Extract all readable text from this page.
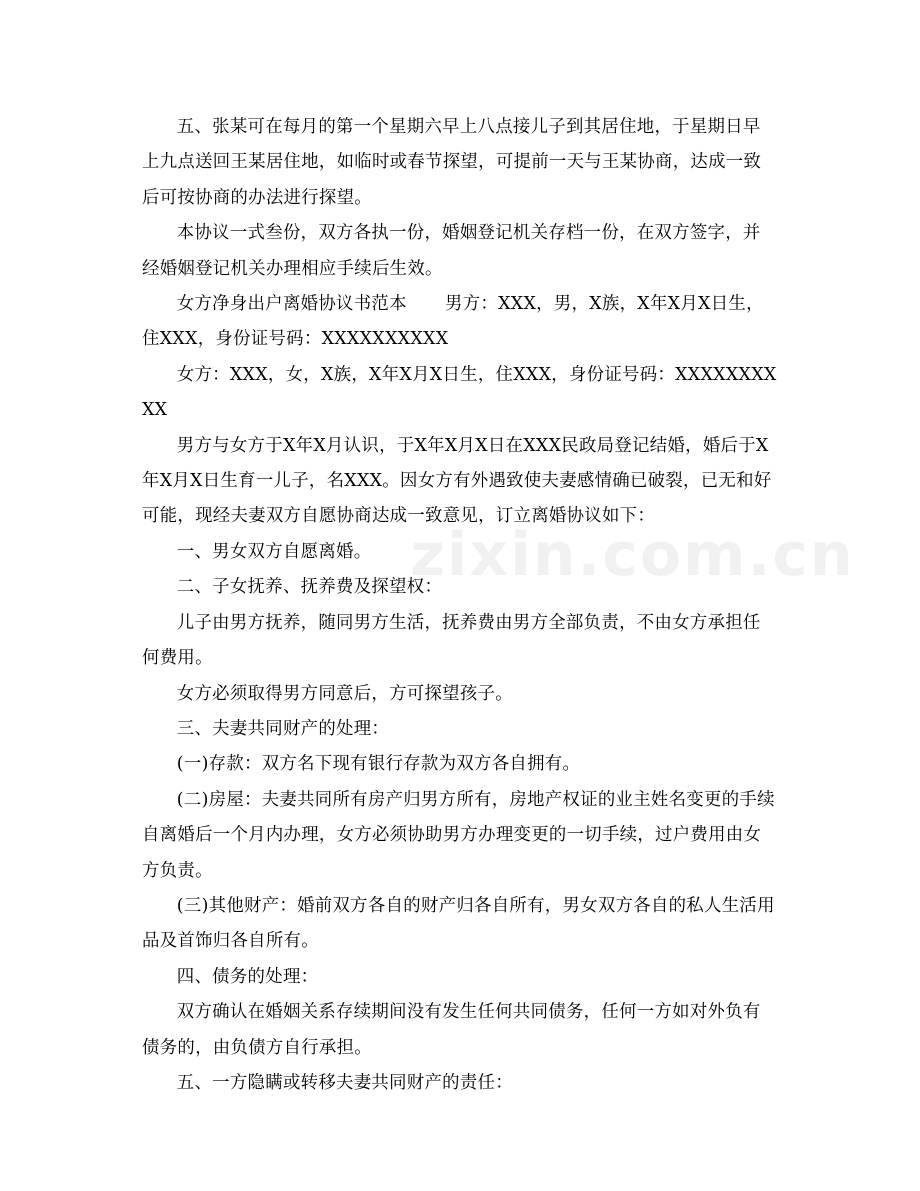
zixin.com.cn

五、张某可在每月的第一个星期六早上八点接儿子到其居住地，于星期日早上九点送回王某居住地，如临时或春节探望，可提前一天与王某协商，达成一致后可按协商的办法进行探望。

本协议一式叁份，双方各执一份，婚姻登记机关存档一份，在双方签字，并经婚姻登记机关办理相应手续后生效。

女方净身出户离婚协议书范本 男方：XXX，男，X族，X年X月X日生，住XXX，身份证号码：XXXXXXXXXX

女方：XXX，女，X族，X年X月X日生，住XXX，身份证号码：XXXXXXXXXX

男方与女方于X年X月认识，于X年X月X日在XXX民政局登记结婚，婚后于X年X月X日生育一儿子，名XXX。因女方有外遇致使夫妻感情确已破裂，已无和好可能，现经夫妻双方自愿协商达成一致意见，订立离婚协议如下：

一、男女双方自愿离婚。

二、子女抚养、抚养费及探望权：

儿子由男方抚养，随同男方生活，抚养费由男方全部负责，不由女方承担任何费用。

女方必须取得男方同意后，方可探望孩子。

三、夫妻共同财产的处理：

(一)存款：双方名下现有银行存款为双方各自拥有。

(二)房屋：夫妻共同所有房产归男方所有，房地产权证的业主姓名变更的手续自离婚后一个月内办理，女方必须协助男方办理变更的一切手续，过户费用由女方负责。

(三)其他财产：婚前双方各自的财产归各自所有，男女双方各自的私人生活用品及首饰归各自所有。

四、债务的处理：

双方确认在婚姻关系存续期间没有发生任何共同债务，任何一方如对外负有债务的，由负债方自行承担。

五、一方隐瞒或转移夫妻共同财产的责任：
